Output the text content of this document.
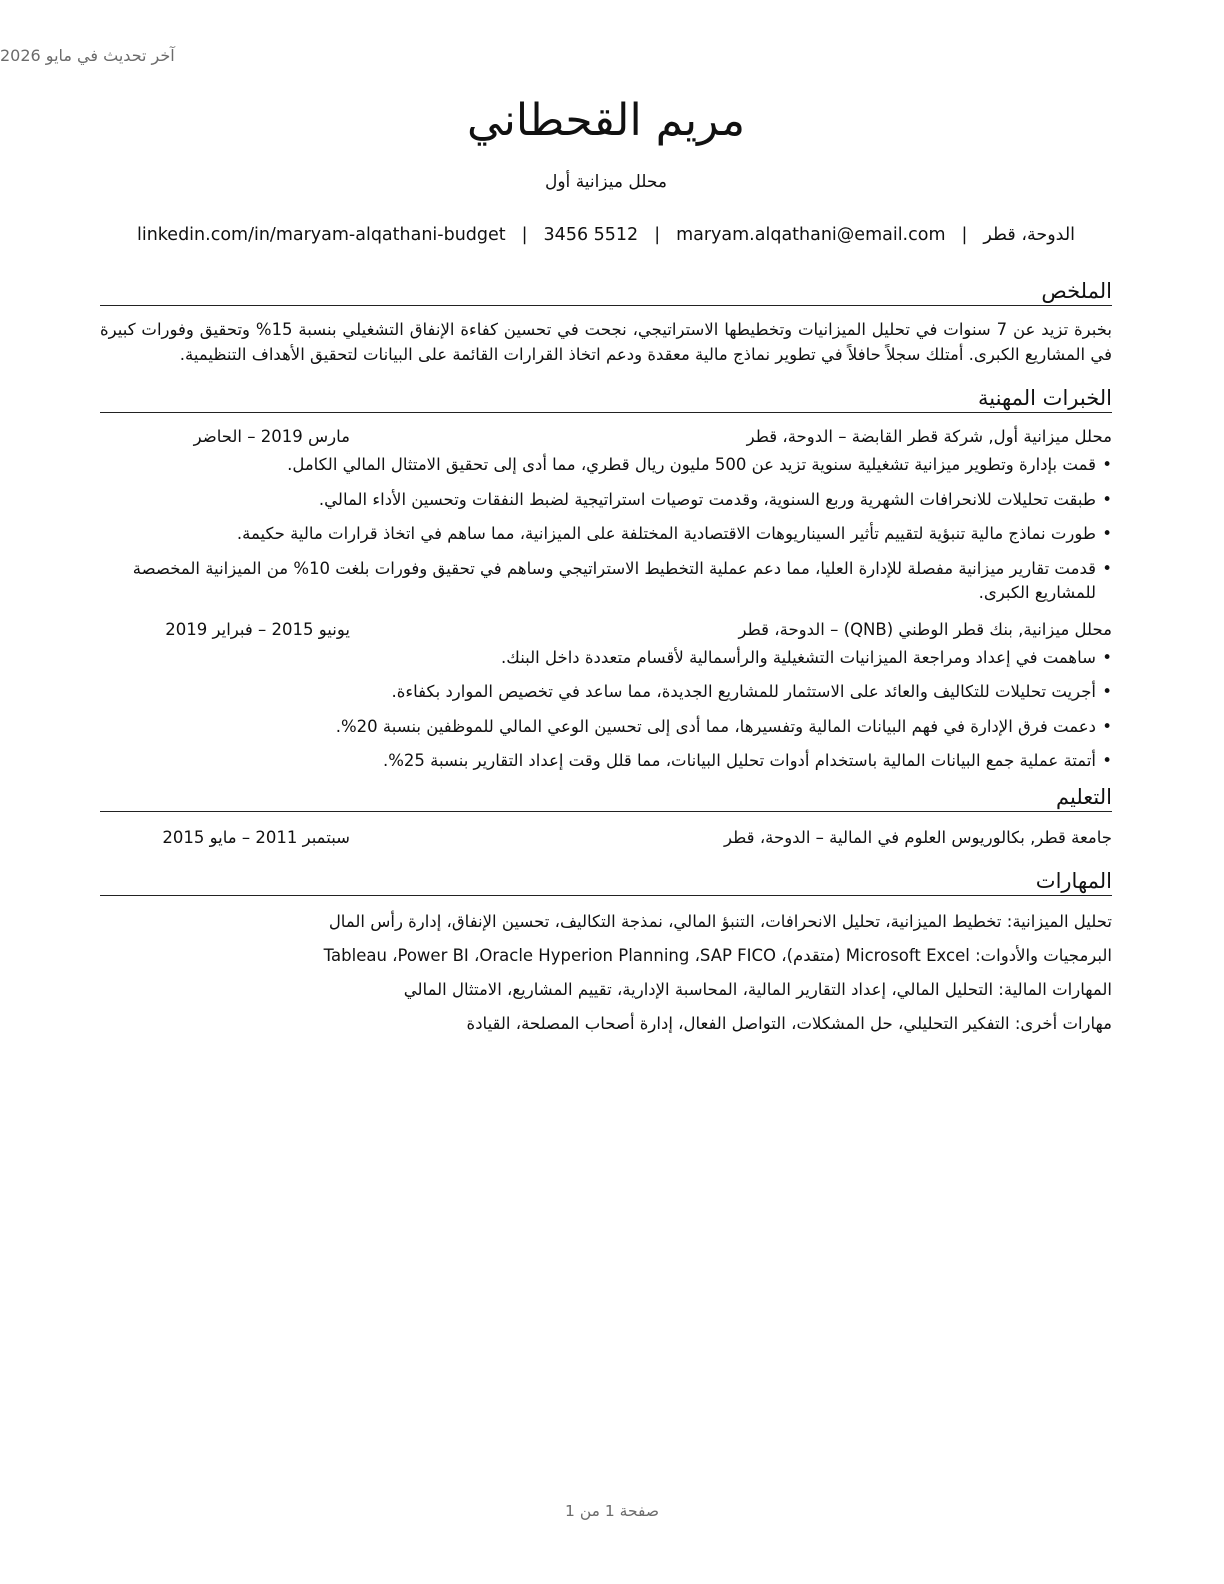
آخر تحديث في مايو 2026
مريم القحطاني
محلل ميزانية أول
الدوحة، قطر
|
maryam.alqathani@email.com
|
3456 5512
|
linkedin.com/in/maryam-alqathani-budget
الملخص

بخبرة تزيد عن 7 سنوات في تحليل الميزانيات وتخطيطها الاستراتيجي، نجحت في تحسين كفاءة الإنفاق التشغيلي بنسبة 15% وتحقيق وفورات كبيرة في المشاريع الكبرى. أمتلك سجلاً حافلاً في تطوير نماذج مالية معقدة ودعم اتخاذ القرارات القائمة على البيانات لتحقيق الأهداف التنظيمية.

الخبرات المهنية
محلل ميزانية أول, شركة قطر القابضة – الدوحة، قطر
مارس 2019 – الحاضر
•
قمت بإدارة وتطوير ميزانية تشغيلية سنوية تزيد عن 500 مليون ريال قطري، مما أدى إلى تحقيق الامتثال المالي الكامل.
•
طبقت تحليلات للانحرافات الشهرية وربع السنوية، وقدمت توصيات استراتيجية لضبط النفقات وتحسين الأداء المالي.
•
طورت نماذج مالية تنبؤية لتقييم تأثير السيناريوهات الاقتصادية المختلفة على الميزانية، مما ساهم في اتخاذ قرارات مالية حكيمة.
•
قدمت تقارير ميزانية مفصلة للإدارة العليا، مما دعم عملية التخطيط الاستراتيجي وساهم في تحقيق وفورات بلغت 10% من الميزانية المخصصة للمشاريع الكبرى.
محلل ميزانية, بنك قطر الوطني (QNB) – الدوحة، قطر
يونيو 2015 – فبراير 2019
•
ساهمت في إعداد ومراجعة الميزانيات التشغيلية والرأسمالية لأقسام متعددة داخل البنك.
•
أجريت تحليلات للتكاليف والعائد على الاستثمار للمشاريع الجديدة، مما ساعد في تخصيص الموارد بكفاءة.
•
دعمت فرق الإدارة في فهم البيانات المالية وتفسيرها، مما أدى إلى تحسين الوعي المالي للموظفين بنسبة 20%.
•
أتمتة عملية جمع البيانات المالية باستخدام أدوات تحليل البيانات، مما قلل وقت إعداد التقارير بنسبة 25%.
التعليم
جامعة قطر, بكالوريوس العلوم في المالية – الدوحة، قطر
سبتمبر 2011 – مايو 2015
المهارات
تحليل الميزانية: تخطيط الميزانية، تحليل الانحرافات، التنبؤ المالي، نمذجة التكاليف، تحسين الإنفاق، إدارة رأس المال
البرمجيات والأدوات: Microsoft Excel (متقدم)، Tableau ،Power BI ،Oracle Hyperion Planning ،SAP FICO
المهارات المالية: التحليل المالي، إعداد التقارير المالية، المحاسبة الإدارية، تقييم المشاريع، الامتثال المالي
مهارات أخرى: التفكير التحليلي، حل المشكلات، التواصل الفعال، إدارة أصحاب المصلحة، القيادة
صفحة 1 من 1
